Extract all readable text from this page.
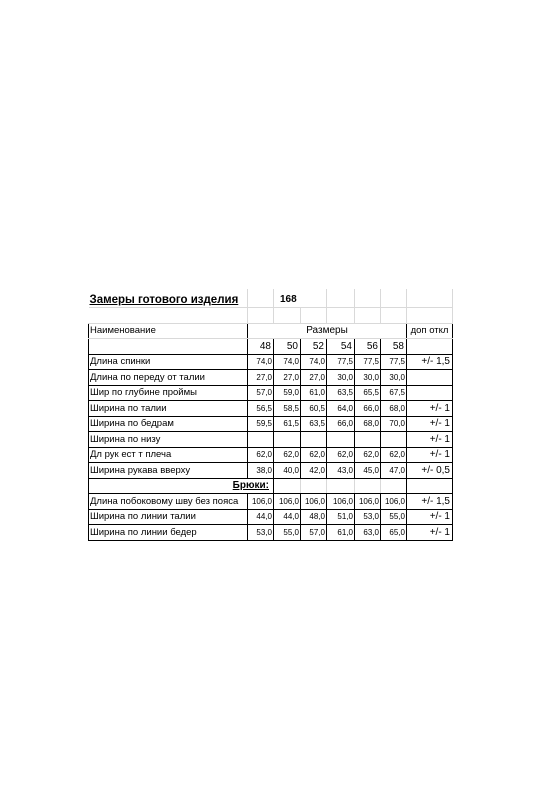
Замеры готового изделия		168					

Наименование	Размеры						доп откл
	48	50	52	54	56	58	
Длина спинки	74,0	74,0	74,0	77,5	77,5	77,5	+/- 1,5
Длина по переду от талии	27,0	27,0	27,0	30,0	30,0	30,0	
Шир по глубине проймы	57,0	59,0	61,0	63,5	65,5	67,5	
Ширина по талии	56,5	58,5	60,5	64,0	66,0	68,0	+/- 1
Ширина по бедрам	59,5	61,5	63,5	66,0	68,0	70,0	+/- 1
Ширина по низу							+/- 1
Дл рук ест т плеча	62,0	62,0	62,0	62,0	62,0	62,0	+/- 1
Ширина рукава вверху	38,0	40,0	42,0	43,0	45,0	47,0	+/- 0,5
Брюки:							
Длина побоковому шву без пояса	106,0	106,0	106,0	106,0	106,0	106,0	+/- 1,5
Ширина по линии талии	44,0	44,0	48,0	51,0	53,0	55,0	+/- 1
Ширина по линии бедер	53,0	55,0	57,0	61,0	63,0	65,0	+/- 1
